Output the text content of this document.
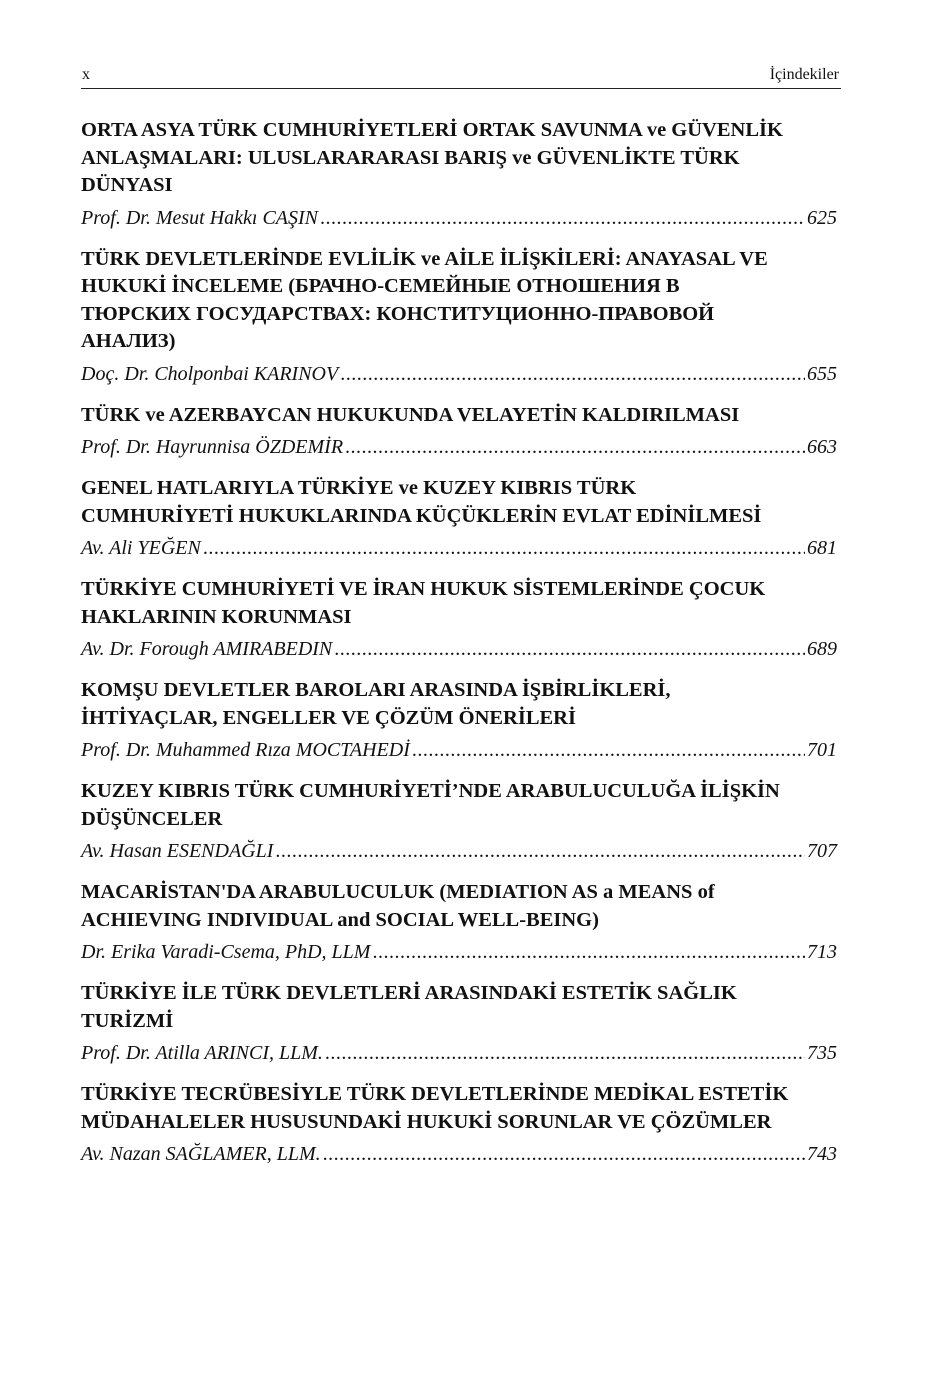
x	İçindekiler

ORTA ASYA TÜRK CUMHURİYETLERİ ORTAK SAVUNMA ve GÜVENLİK ANLAŞMALARI: ULUSLARARARASI BARIŞ ve GÜVENLİKTE TÜRK DÜNYASI

Prof. Dr. Mesut Hakkı CAŞIN .....	625

TÜRK DEVLETLERİNDE EVLİLİK ve AİLE İLİŞKİLERİ: ANAYASAL VE HUKUKİ İNCELEME (БРАЧНО-СЕМЕЙНЫЕ ОТНОШЕНИЯ В ТЮРСКИХ ГОСУДАРСТВАХ: КОНСТИТУЦИОННО-ПРАВОВОЙ АНАЛИЗ)

Doç. Dr. Cholponbai KARINOV .....	655

TÜRK ve AZERBAYCAN HUKUKUNDA VELAYETİN KALDIRILMASI

Prof. Dr. Hayrunnisa ÖZDEMİR .....	663

GENEL HATLARIYLA TÜRKİYE ve KUZEY KIBRIS TÜRK CUMHURİYETİ HUKUKLARINDA KÜÇÜKLERİN EVLAT EDİNİLMESİ

Av. Ali YEĞEN .....	681

TÜRKİYE CUMHURİYETİ VE İRAN HUKUK SİSTEMLERİNDE ÇOCUK HAKLARININ KORUNMASI

Av. Dr. Forough AMIRABEDIN .....	689

KOMŞU DEVLETLER BAROLARI ARASINDA İŞBİRLİKLERİ, İHTİYAÇLAR, ENGELLER VE ÇÖZÜM ÖNERİLERİ

Prof. Dr. Muhammed Rıza MOCTAHEDİ .....	701

KUZEY KIBRIS TÜRK CUMHURİYETİ’NDE ARABULUCULUĞA İLİŞKİN DÜŞÜNCELER

Av. Hasan ESENDAĞLI .....	707

MACARİSTAN'DA ARABULUCULUK (MEDIATION AS a MEANS of ACHIEVING INDIVIDUAL and SOCIAL WELL-BEING)

Dr. Erika Varadi-Csema, PhD, LLM .....	713

TÜRKİYE İLE TÜRK DEVLETLERİ ARASINDAKİ ESTETİK SAĞLIK TURİZMİ

Prof. Dr. Atilla ARINCI, LLM. .....	735

TÜRKİYE TECRÜBESİYLE TÜRK DEVLETLERİNDE MEDİKAL ESTETİK MÜDAHALELER HUSUSUNDAKİ HUKUKİ SORUNLAR VE ÇÖZÜMLER

Av. Nazan SAĞLAMER, LLM. .....	743
